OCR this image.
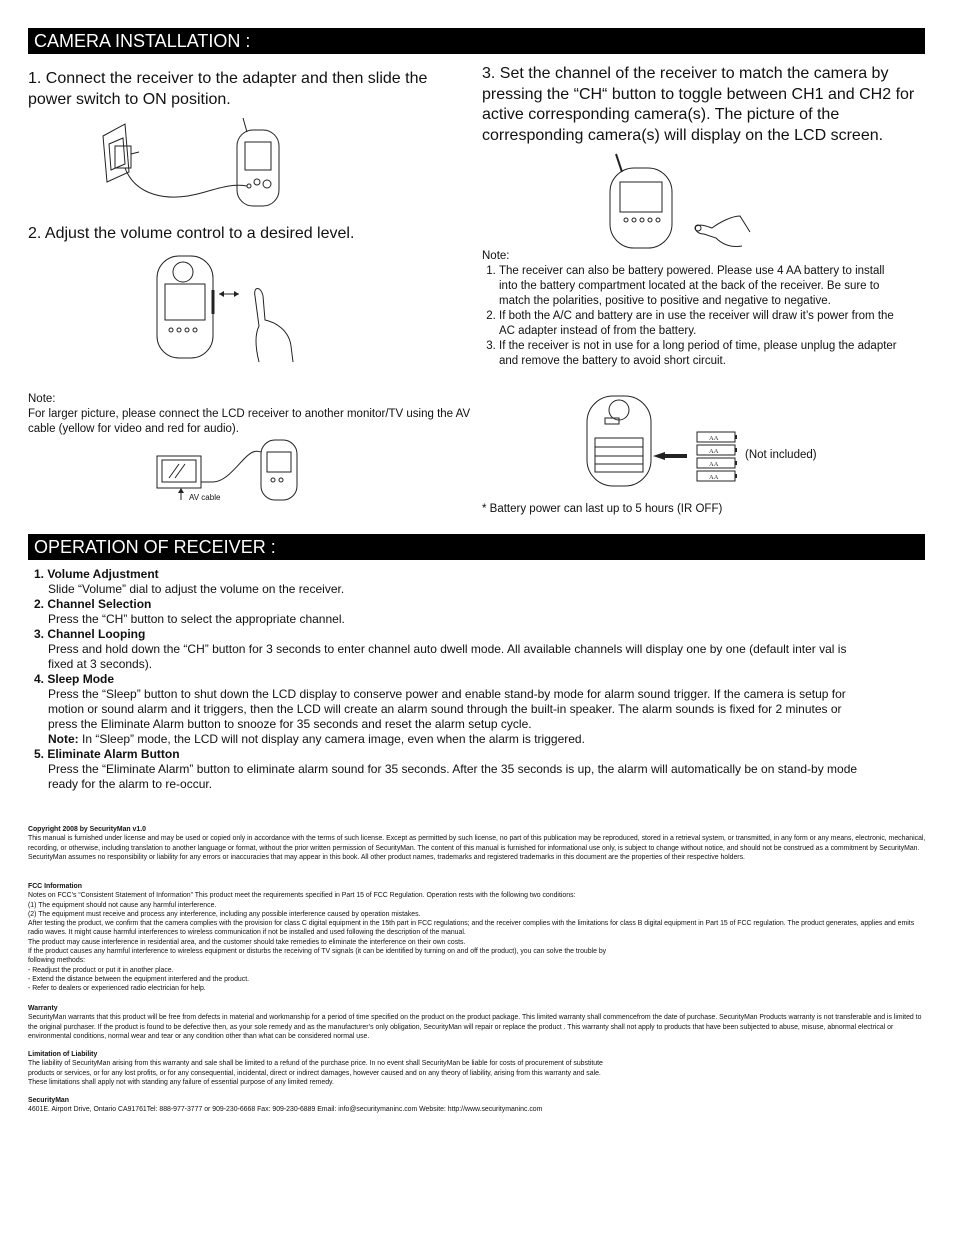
CAMERA INSTALLATION :
1. Connect the receiver to the adapter and then slide the power switch to ON position.
2. Adjust the volume control to a desired level.
Note:
For larger picture, please connect the LCD receiver to another monitor/TV using the AV cable (yellow for video and red for audio).
AV cable
3. Set the channel of the receiver to match the camera by pressing the “CH“ button to toggle between CH1 and CH2 for active corresponding camera(s). The picture of the corresponding camera(s) will display on the LCD screen.
Note:
1. The receiver can also be battery powered. Please use 4 AA battery to install into the battery compartment located at the back of the receiver. Be sure to match the polarities, positive to positive and negative to negative.
2. If both the A/C and battery are in use the receiver will draw it’s power from the AC adapter instead of from the battery.
3. If the receiver is not in use for a long period of time, please unplug the adapter and remove the battery to avoid short circuit.
AA
AA
AA
AA
(Not included)
* Battery power can last up to 5 hours (IR OFF)
OPERATION OF RECEIVER :
1. Volume Adjustment
Slide “Volume” dial to adjust the volume on the receiver.
2. Channel Selection
Press the “CH” button to select the appropriate channel.
3. Channel Looping
Press and hold down the “CH” button for 3 seconds to enter channel auto dwell mode. All available channels will display one by one (default inter val is fixed at 3 seconds).
4. Sleep Mode
Press the “Sleep” button to shut down the LCD display to conserve power and enable stand-by mode for alarm sound trigger. If the camera is setup for motion or sound alarm and it triggers, then the LCD will create an alarm sound through the built-in speaker. The alarm sounds is fixed for 2 minutes or press the Eliminate Alarm button to snooze for 35 seconds and reset the alarm setup cycle.
Note: In “Sleep” mode, the LCD will not display any camera image, even when the alarm is triggered.
5. Eliminate Alarm Button
Press the “Eliminate Alarm” button to eliminate alarm sound for 35 seconds. After the 35 seconds is up, the alarm will automatically be on stand-by mode ready for the alarm to re-occur.

Copyright 2008 by SecurityMan v1.0

This manual is furnished under license and may be used or copied only in accordance with the terms of such license. Except as permitted by such license, no part of this publication may be reproduced, stored in a retrieval system, or transmitted, in any form or any means, electronic, mechanical, recording, or otherwise, including translation to another language or format, without the prior written permission of SecurityMan. The content of this manual is furnished for informational use only, is subject to change without notice, and should not be construed as a commitment by SecurityMan. SecurityMan assumes no responsibility or liability for any errors or inaccuracies that may appear in this book. All other product names, trademarks and registered trademarks in this document are the properties of their respective holders.

FCC Information

Notes on FCC’s “Consistent Statement of Information” This product meet the requirements specified in Part 15 of FCC Regulation. Operation rests with the following two conditions:

(1) The equipment should not cause any harmful interference.

(2) The equipment must receive and process any interference, including any possible interference caused by operation mistakes.

After testing the product, we confirm that the camera complies with the provision for class C digital equipment in the 15th part in FCC regulations; and the receiver complies with the limitations for class B digital equipment in Part 15 of FCC regulation. The product generates, applies and emits radio waves. It might cause harmful interferences to wireless communication if not be installed and used following the description of the manual.

The product may cause interference in residential area, and the customer should take remedies to eliminate the interference on their own costs.

If the product causes any harmful interference to wireless equipment or disturbs the receiving of TV signals (it can be identified by turning on and off the product), you can solve the trouble by

following methods:

- Readjust the product or put it in another place.

- Extend the distance between the equipment interfered and the product.

- Refer to dealers or experienced radio electrician for help.

Warranty

SecurityMan warrants that this product will be free from defects in material and workmanship for a period of time specified on the product on the product package. This limited warranty shall commencefrom the date of purchase. SecurityMan Products warranty is not transferable and is limited to the original purchaser. If the product is found to be defective then, as your sole remedy and as the manufacturer’s only obligation, SecurityMan will repair or replace the product . This warranty shall not apply to products that have been subjected to abuse, misuse, abnormal electrical or environmental conditions, normal wear and tear or any condition other than what can be considered normal use.

Limitation of Liability

The liability of SecurityMan arising from this warranty and sale shall be limited to a refund of the purchase price. In no event shall SecurityMan be liable for costs of procurement of substitute

products or services, or for any lost profits, or for any consequential, incidental, direct or indirect damages, however caused and on any theory of liability, arising from this warranty and sale.

These limitations shall apply not with standing any failure of essential purpose of any limited remedy.

SecurityMan

4601E. Airport Drive, Ontario CA91761Tel: 888-977-3777 or 909-230-6668 Fax: 909-230-6889 Email: info@securitymaninc.com Website: http://www.securitymaninc.com
